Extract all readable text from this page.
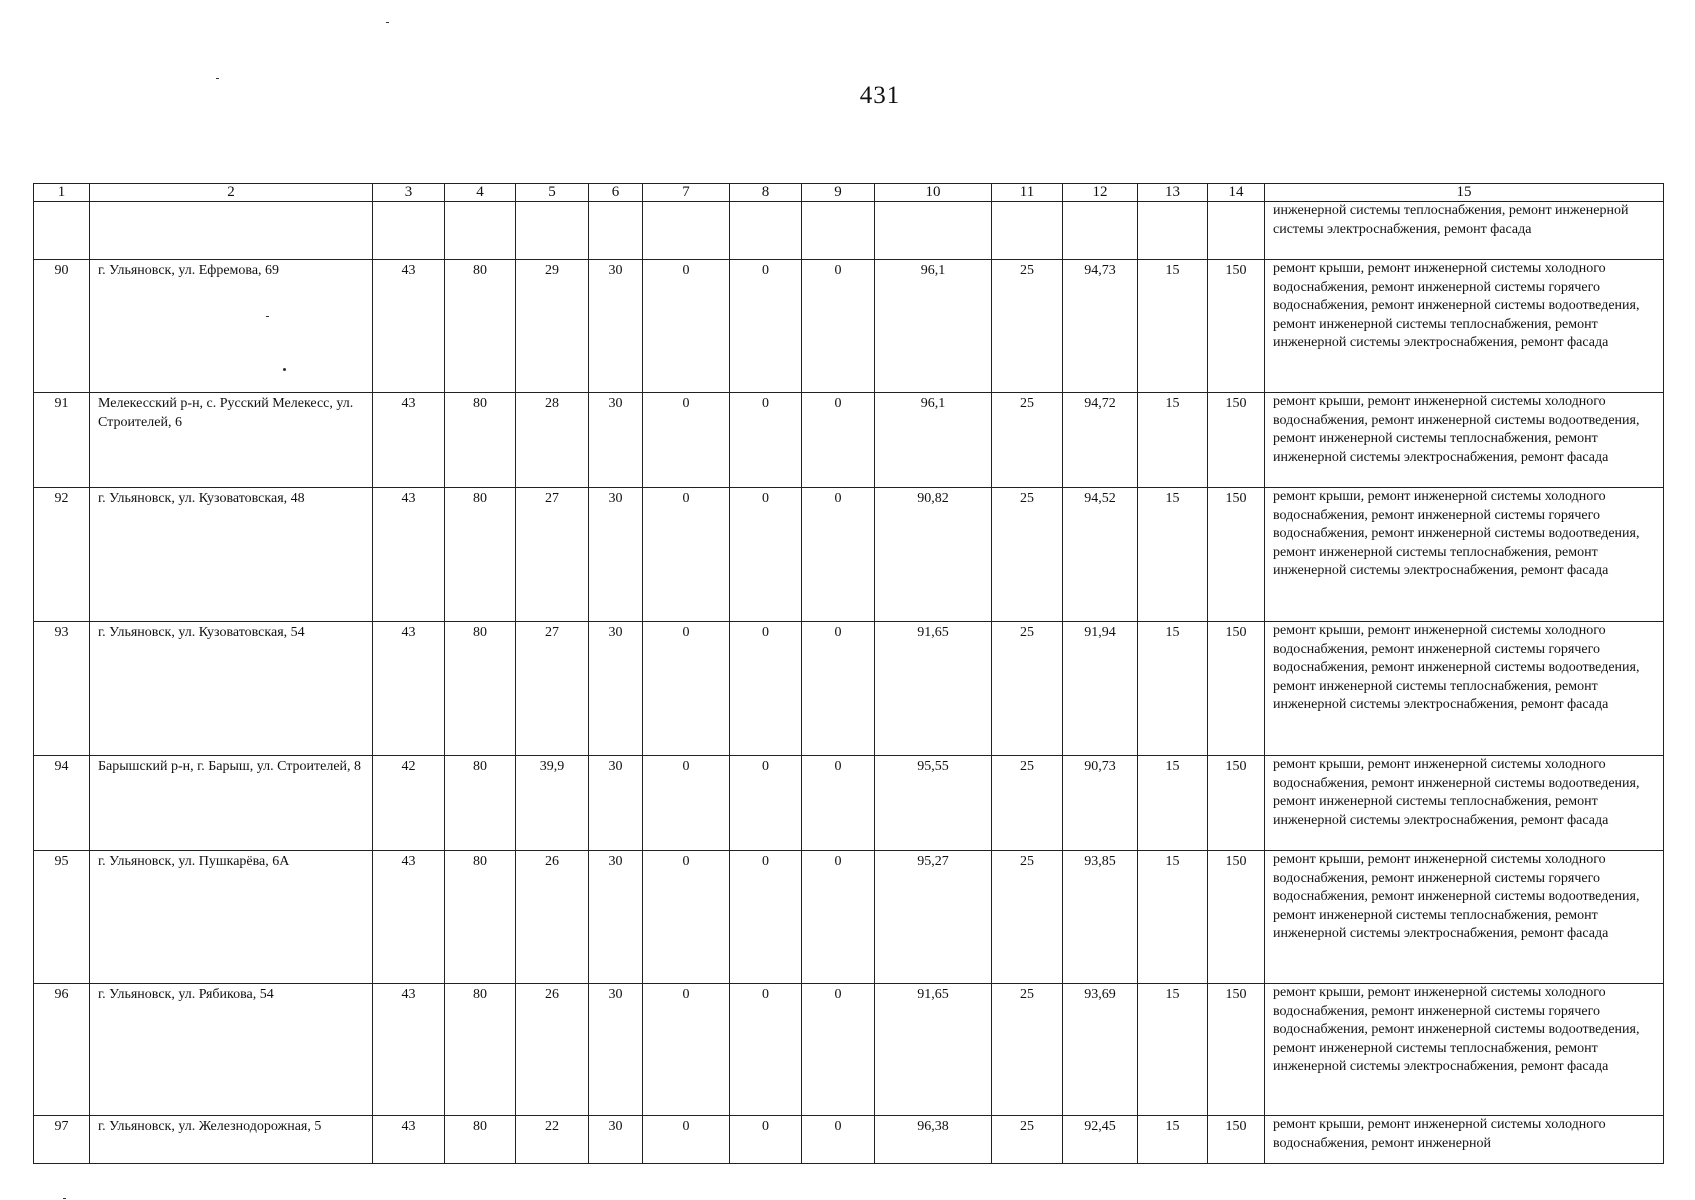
431
1	2	3	4	5	6	7	8	9	10	11	12	13	14	15
														инженерной системы теплоснабжения, ремонт инженерной системы электроснабжения, ремонт фасада
90	г. Ульяновск, ул. Ефремова, 69	43	80	29	30	0	0	0	96,1	25	94,73	15	150	ремонт крыши, ремонт инженерной системы холодного водоснабжения, ремонт инженерной системы горячего водоснабжения, ремонт инженерной системы водоотведения, ремонт инженерной системы теплоснабжения, ремонт инженерной системы электроснабжения, ремонт фасада
91	Мелекесский р-н, с. Русский Мелекесс, ул. Строителей, 6	43	80	28	30	0	0	0	96,1	25	94,72	15	150	ремонт крыши, ремонт инженерной системы холодного водоснабжения, ремонт инженерной системы водоотведения, ремонт инженерной системы теплоснабжения, ремонт инженерной системы электроснабжения, ремонт фасада
92	г. Ульяновск, ул. Кузоватовская, 48	43	80	27	30	0	0	0	90,82	25	94,52	15	150	ремонт крыши, ремонт инженерной системы холодного водоснабжения, ремонт инженерной системы горячего водоснабжения, ремонт инженерной системы водоотведения, ремонт инженерной системы теплоснабжения, ремонт инженерной системы электроснабжения, ремонт фасада
93	г. Ульяновск, ул. Кузоватовская, 54	43	80	27	30	0	0	0	91,65	25	91,94	15	150	ремонт крыши, ремонт инженерной системы холодного водоснабжения, ремонт инженерной системы горячего водоснабжения, ремонт инженерной системы водоотведения, ремонт инженерной системы теплоснабжения, ремонт инженерной системы электроснабжения, ремонт фасада
94	Барышский р-н, г. Барыш, ул. Строителей, 8	42	80	39,9	30	0	0	0	95,55	25	90,73	15	150	ремонт крыши, ремонт инженерной системы холодного водоснабжения, ремонт инженерной системы водоотведения, ремонт инженерной системы теплоснабжения, ремонт инженерной системы электроснабжения, ремонт фасада
95	г. Ульяновск, ул. Пушкарёва, 6А	43	80	26	30	0	0	0	95,27	25	93,85	15	150	ремонт крыши, ремонт инженерной системы холодного водоснабжения, ремонт инженерной системы горячего водоснабжения, ремонт инженерной системы водоотведения, ремонт инженерной системы теплоснабжения, ремонт инженерной системы электроснабжения, ремонт фасада
96	г. Ульяновск, ул. Рябикова, 54	43	80	26	30	0	0	0	91,65	25	93,69	15	150	ремонт крыши, ремонт инженерной системы холодного водоснабжения, ремонт инженерной системы горячего водоснабжения, ремонт инженерной системы водоотведения, ремонт инженерной системы теплоснабжения, ремонт инженерной системы электроснабжения, ремонт фасада
97	г. Ульяновск, ул. Железнодорожная, 5	43	80	22	30	0	0	0	96,38	25	92,45	15	150	ремонт крыши, ремонт инженерной системы холодного водоснабжения, ремонт инженерной
